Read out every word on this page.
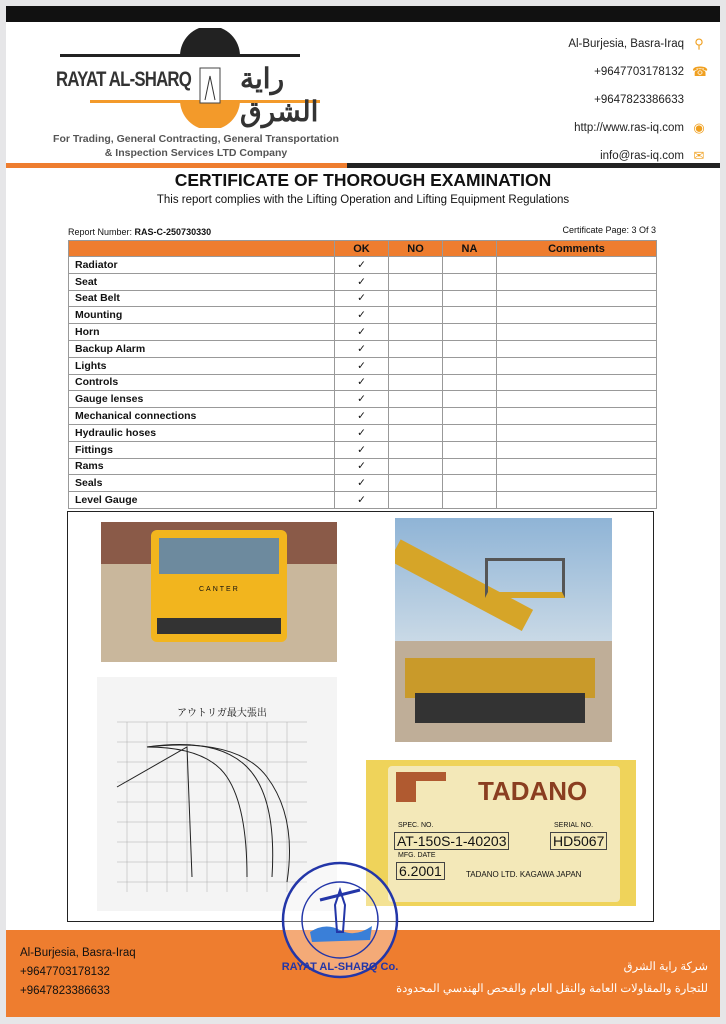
RAYAT AL-SHARQ راية الشرق
For Trading, General Contracting, General Transportation
& Inspection Services LTD Company
Al-Burjesia, Basra-Iraq ⚲
+9647703178132 ☎
+9647823386633
http://www.ras-iq.com ◉
info@ras-iq.com ✉
CERTIFICATE OF THOROUGH EXAMINATION
This report complies with the Lifting Operation and Lifting Equipment Regulations
Report Number: RAS-C-250730330	Certificate Page: 3 Of 3
	OK	NO	NA	Comments
Radiator	✓			
Seat	✓			
Seat Belt	✓			
Mounting	✓			
Horn	✓			
Backup Alarm	✓			
Lights	✓			
Controls	✓			
Gauge lenses	✓			
Mechanical connections	✓			
Hydraulic hoses	✓			
Fittings	✓			
Rams	✓			
Seals	✓			
Level Gauge	✓			
CANTER
アウトリガ最大張出
TADANO
SPEC. NO.
AT-150S-1-40203
SERIAL NO.
HD5067
MFG. DATE
6.2001	TADANO LTD. KAGAWA JAPAN
Al-Burjesia, Basra-Iraq
+9647703178132
+9647823386633
شركة راية الشرق
للتجارة والمقاولات العامة والنقل العام والفحص الهندسي المحدودة
RAYAT AL-SHARQ Co.
